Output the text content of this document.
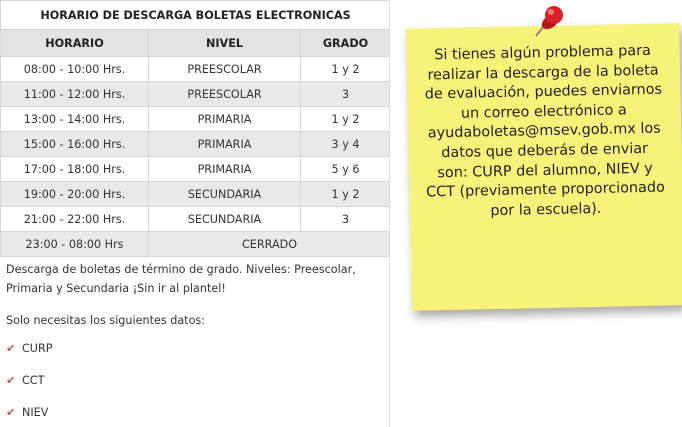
HORARIO DE DESCARGA BOLETAS ELECTRONICAS		
HORARIO	NIVEL	GRADO
08:00 - 10:00 Hrs.	PREESCOLAR	1 y 2
11:00 - 12:00 Hrs.	PREESCOLAR	3
13:00 - 14:00 Hrs.	PRIMARIA	1 y 2
15:00 - 16:00 Hrs.	PRIMARIA	3 y 4
17:00 - 18:00 Hrs.	PRIMARIA	5 y 6
19:00 - 20:00 Hrs.	SECUNDARIA	1 y 2
21:00 - 22:00 Hrs.	SECUNDARIA	3
23:00 - 08:00 Hrs	CERRADO	
Descarga de boletas de término de grado. Niveles: Preescolar, Primaria y Secundaria ¡Sin ir al plantel!
Solo necesitas los siguientes datos:
✔ CURP
✔ CCT
✔ NIEV
Si tienes algún problema para realizar la descarga de la boleta de evaluación, puedes enviarnos un correo electrónico a ayudaboletas@msev.gob.mx los datos que deberás de enviar son: CURP del alumno, NIEV y CCT (previamente proporcionado por la escuela).
